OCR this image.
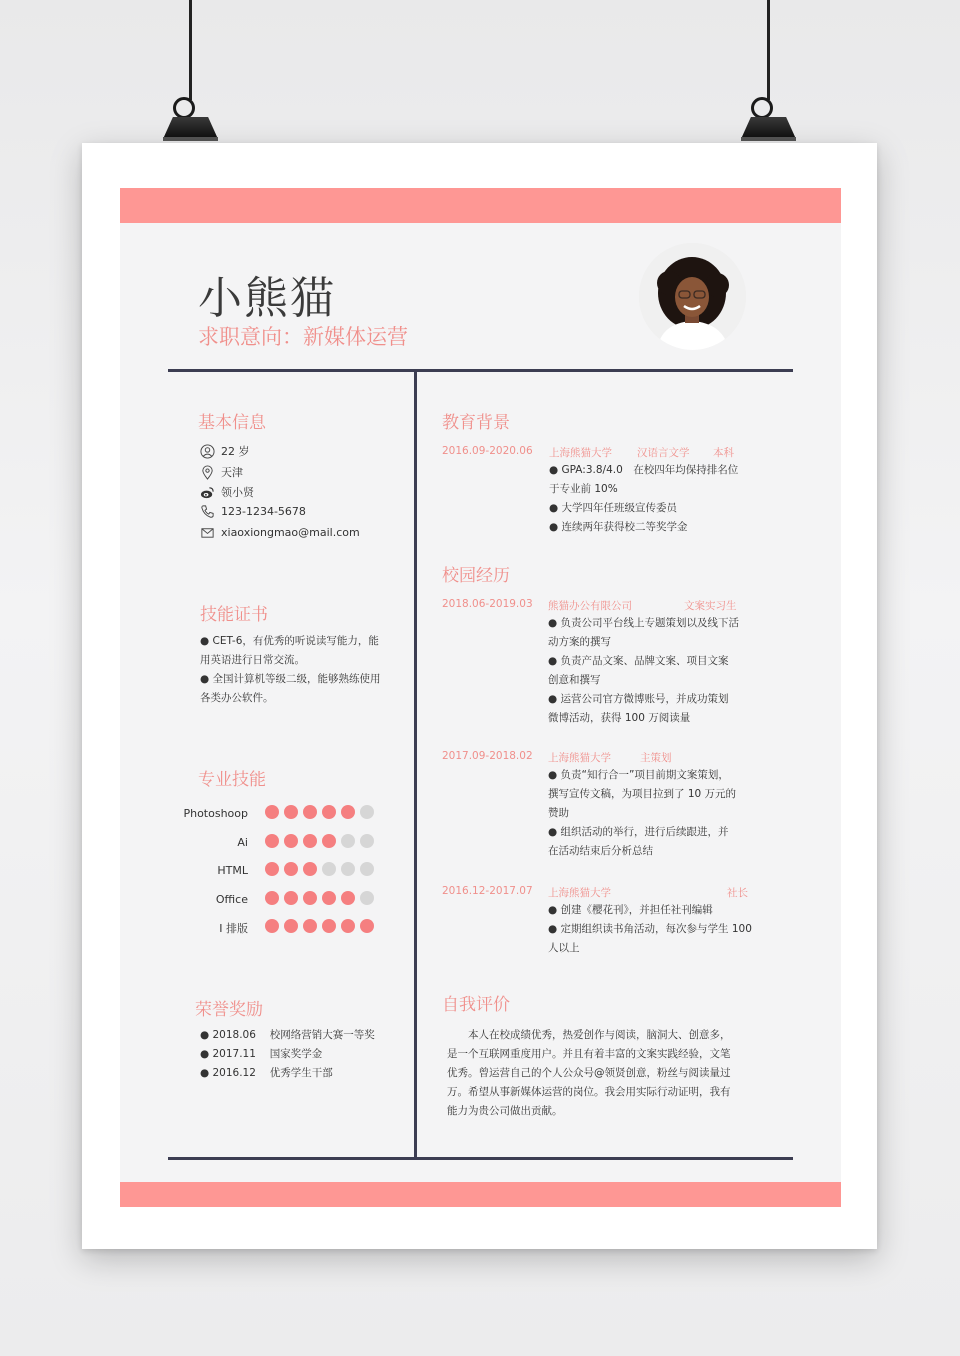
小熊猫
求职意向：新媒体运营
基本信息
22 岁
天津
领小贤
123-1234-5678
xiaoxiongmao@mail.com
技能证书
● CET-6，有优秀的听说读写能力，能
用英语进行日常交流。
● 全国计算机等级二级，能够熟练使用
各类办公软件。
专业技能
Photoshoop
Ai
HTML
Office
I 排版
荣誉奖励
● 2018.06　 校网络营销大赛一等奖
● 2017.11　 国家奖学金
● 2016.12　 优秀学生干部
教育背景
2016.09-2020.06 上海熊猫大学 汉语言文学 本科
● GPA:3.8/4.0　在校四年均保持排名位
于专业前 10%
● 大学四年任班级宣传委员
● 连续两年获得校二等奖学金
校园经历
2018.06-2019.03 熊猫办公有限公司	文案实习生
● 负责公司平台线上专题策划以及线下活
动方案的撰写
● 负责产品文案、品牌文案、项目文案
创意和撰写
● 运营公司官方微博账号，并成功策划
微博活动，获得 100 万阅读量
2017.09-2018.02 上海熊猫大学	主策划
● 负责“知行合一”项目前期文案策划，
撰写宣传文稿，为项目拉到了 10 万元的
赞助
● 组织活动的举行，进行后续跟进，并
在活动结束后分析总结
2016.12-2017.07 上海熊猫大学	社长
● 创建《樱花刊》，并担任社刊编辑
● 定期组织读书角活动，每次参与学生 100
人以上
自我评价
　　本人在校成绩优秀，热爱创作与阅读，脑洞大、创意多，
是一个互联网重度用户。并且有着丰富的文案实践经验，文笔
优秀。曾运营自己的个人公众号@领贤创意，粉丝与阅读量过
万。希望从事新媒体运营的岗位。我会用实际行动证明，我有
能力为贵公司做出贡献。
